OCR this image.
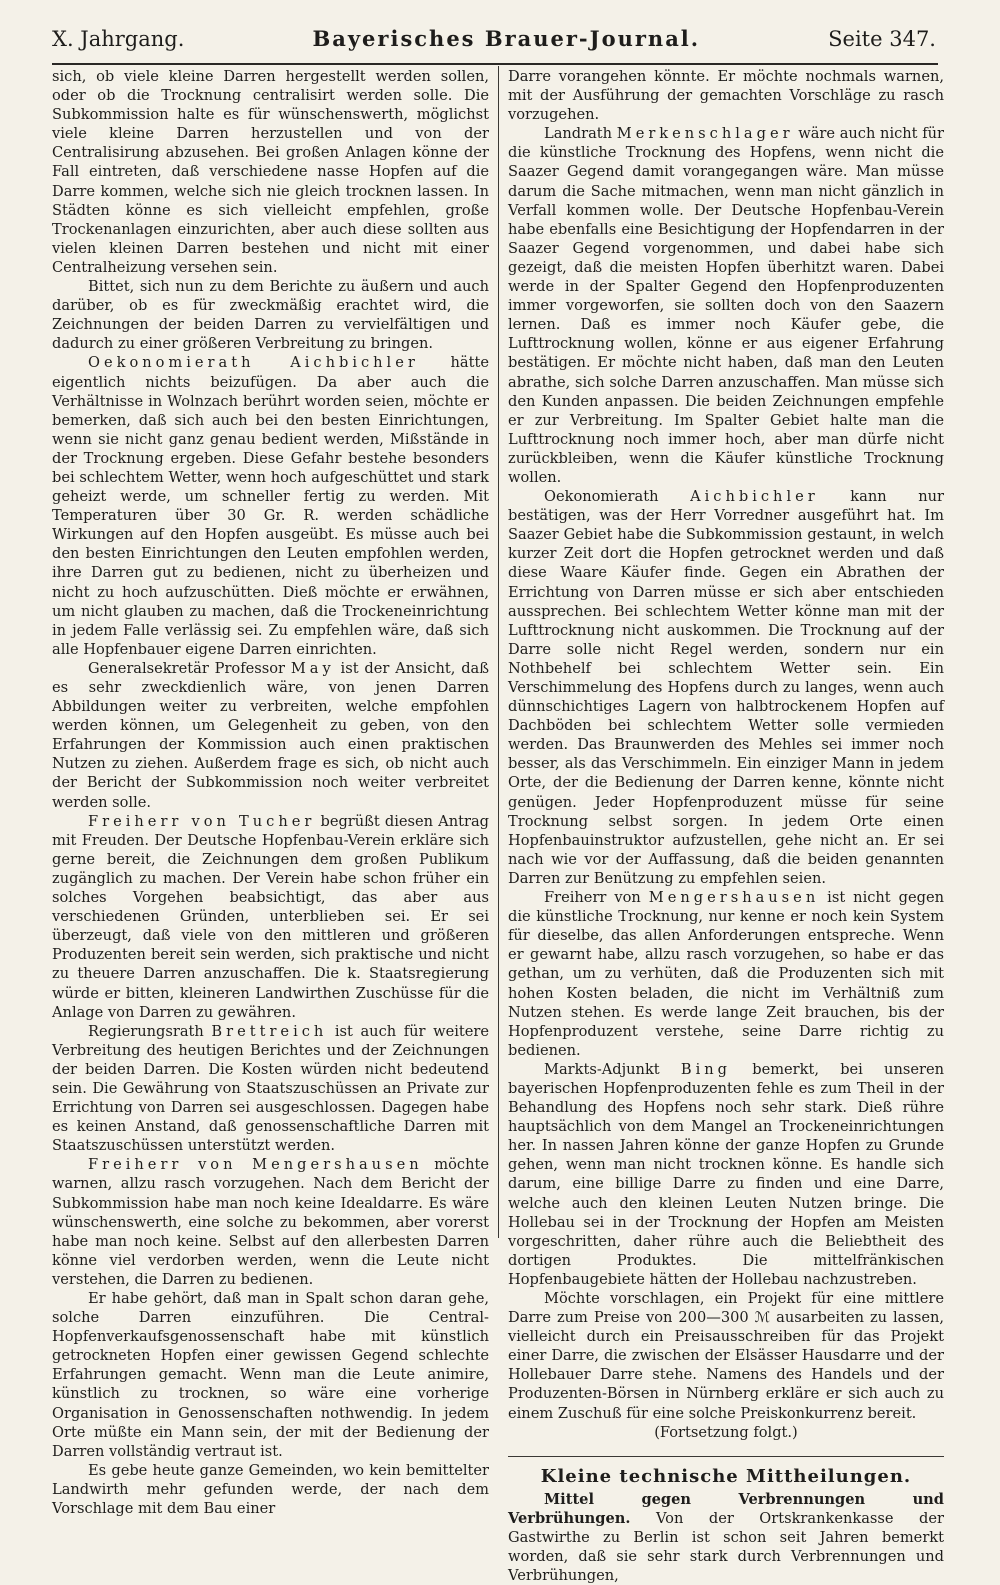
X. Jahrgang.	Bayerisches Brauer-Journal.	Seite 347.

sich, ob viele kleine Darren hergestellt werden sollen, oder ob die Trocknung centralisirt werden solle. Die Subkommission halte es für wünschenswerth, möglichst viele kleine Darren herzustellen und von der Centralisirung abzusehen. Bei großen Anlagen könne der Fall eintreten, daß verschiedene nasse Hopfen auf die Darre kommen, welche sich nie gleich trocknen lassen. In Städten könne es sich vielleicht empfehlen, große Trockenanlagen einzurichten, aber auch diese sollten aus vielen kleinen Darren bestehen und nicht mit einer Centralheizung versehen sein.

Bittet, sich nun zu dem Berichte zu äußern und auch darüber, ob es für zweckmäßig erachtet wird, die Zeichnungen der beiden Darren zu vervielfältigen und dadurch zu einer größeren Verbreitung zu bringen.

Oekonomierath Aichbichler hätte eigentlich nichts beizufügen. Da aber auch die Verhältnisse in Wolnzach berührt worden seien, möchte er bemerken, daß sich auch bei den besten Einrichtungen, wenn sie nicht ganz genau bedient werden, Mißstände in der Trocknung ergeben. Diese Gefahr bestehe besonders bei schlechtem Wetter, wenn hoch aufgeschüttet und stark geheizt werde, um schneller fertig zu werden. Mit Temperaturen über 30 Gr. R. werden schädliche Wirkungen auf den Hopfen ausgeübt. Es müsse auch bei den besten Einrichtungen den Leuten empfohlen werden, ihre Darren gut zu bedienen, nicht zu überheizen und nicht zu hoch aufzuschütten. Dieß möchte er erwähnen, um nicht glauben zu machen, daß die Trockeneinrichtung in jedem Falle verlässig sei. Zu empfehlen wäre, daß sich alle Hopfenbauer eigene Darren einrichten.

Generalsekretär Professor May ist der Ansicht, daß es sehr zweckdienlich wäre, von jenen Darren Abbildungen weiter zu verbreiten, welche empfohlen werden können, um Gelegenheit zu geben, von den Erfahrungen der Kommission auch einen praktischen Nutzen zu ziehen. Außerdem frage es sich, ob nicht auch der Bericht der Subkommission noch weiter verbreitet werden solle.

Freiherr von Tucher begrüßt diesen Antrag mit Freuden. Der Deutsche Hopfenbau-Verein erkläre sich gerne bereit, die Zeichnungen dem großen Publikum zugänglich zu machen. Der Verein habe schon früher ein solches Vorgehen beabsichtigt, das aber aus verschiedenen Gründen, unterblieben sei. Er sei überzeugt, daß viele von den mittleren und größeren Produzenten bereit sein werden, sich praktische und nicht zu theuere Darren anzuschaffen. Die k. Staatsregierung würde er bitten, kleineren Landwirthen Zuschüsse für die Anlage von Darren zu gewähren.

Regierungsrath Brettreich ist auch für weitere Verbreitung des heutigen Berichtes und der Zeichnungen der beiden Darren. Die Kosten würden nicht bedeutend sein. Die Gewährung von Staatszuschüssen an Private zur Errichtung von Darren sei ausgeschlossen. Dagegen habe es keinen Anstand, daß genossenschaftliche Darren mit Staatszuschüssen unterstützt werden.

Freiherr von Mengershausen möchte warnen, allzu rasch vorzugehen. Nach dem Bericht der Subkommission habe man noch keine Idealdarre. Es wäre wünschenswerth, eine solche zu bekommen, aber vorerst habe man noch keine. Selbst auf den allerbesten Darren könne viel verdorben werden, wenn die Leute nicht verstehen, die Darren zu bedienen.

Er habe gehört, daß man in Spalt schon daran gehe, solche Darren einzuführen. Die Central-Hopfenverkaufsgenossenschaft habe mit künstlich getrockneten Hopfen einer gewissen Gegend schlechte Erfahrungen gemacht. Wenn man die Leute animire, künstlich zu trocknen, so wäre eine vorherige Organisation in Genossenschaften nothwendig. In jedem Orte müßte ein Mann sein, der mit der Bedienung der Darren vollständig vertraut ist.

Es gebe heute ganze Gemeinden, wo kein bemittelter Landwirth mehr gefunden werde, der nach dem Vorschlage mit dem Bau einer

Darre vorangehen könnte. Er möchte nochmals warnen, mit der Ausführung der gemachten Vorschläge zu rasch vorzugehen.

Landrath Merkenschlager wäre auch nicht für die künstliche Trocknung des Hopfens, wenn nicht die Saazer Gegend damit vorangegangen wäre. Man müsse darum die Sache mitmachen, wenn man nicht gänzlich in Verfall kommen wolle. Der Deutsche Hopfenbau-Verein habe ebenfalls eine Besichtigung der Hopfendarren in der Saazer Gegend vorgenommen, und dabei habe sich gezeigt, daß die meisten Hopfen überhitzt waren. Dabei werde in der Spalter Gegend den Hopfenproduzenten immer vorgeworfen, sie sollten doch von den Saazern lernen. Daß es immer noch Käufer gebe, die Lufttrocknung wollen, könne er aus eigener Erfahrung bestätigen. Er möchte nicht haben, daß man den Leuten abrathe, sich solche Darren anzuschaffen. Man müsse sich den Kunden anpassen. Die beiden Zeichnungen empfehle er zur Verbreitung. Im Spalter Gebiet halte man die Lufttrocknung noch immer hoch, aber man dürfe nicht zurückbleiben, wenn die Käufer künstliche Trocknung wollen.

Oekonomierath Aichbichler kann nur bestätigen, was der Herr Vorredner ausgeführt hat. Im Saazer Gebiet habe die Subkommission gestaunt, in welch kurzer Zeit dort die Hopfen getrocknet werden und daß diese Waare Käufer finde. Gegen ein Abrathen der Errichtung von Darren müsse er sich aber entschieden aussprechen. Bei schlechtem Wetter könne man mit der Lufttrocknung nicht auskommen. Die Trocknung auf der Darre solle nicht Regel werden, sondern nur ein Nothbehelf bei schlechtem Wetter sein. Ein Verschimmelung des Hopfens durch zu langes, wenn auch dünnschichtiges Lagern von halbtrockenem Hopfen auf Dachböden bei schlechtem Wetter solle vermieden werden. Das Braunwerden des Mehles sei immer noch besser, als das Verschimmeln. Ein einziger Mann in jedem Orte, der die Bedienung der Darren kenne, könnte nicht genügen. Jeder Hopfenproduzent müsse für seine Trocknung selbst sorgen. In jedem Orte einen Hopfenbauinstruktor aufzustellen, gehe nicht an. Er sei nach wie vor der Auffassung, daß die beiden genannten Darren zur Benützung zu empfehlen seien.

Freiherr von Mengershausen ist nicht gegen die künstliche Trocknung, nur kenne er noch kein System für dieselbe, das allen Anforderungen entspreche. Wenn er gewarnt habe, allzu rasch vorzugehen, so habe er das gethan, um zu verhüten, daß die Produzenten sich mit hohen Kosten beladen, die nicht im Verhältniß zum Nutzen stehen. Es werde lange Zeit brauchen, bis der Hopfenproduzent verstehe, seine Darre richtig zu bedienen.

Markts-Adjunkt Bing bemerkt, bei unseren bayerischen Hopfenproduzenten fehle es zum Theil in der Behandlung des Hopfens noch sehr stark. Dieß rühre hauptsächlich von dem Mangel an Trockeneinrichtungen her. In nassen Jahren könne der ganze Hopfen zu Grunde gehen, wenn man nicht trocknen könne. Es handle sich darum, eine billige Darre zu finden und eine Darre, welche auch den kleinen Leuten Nutzen bringe. Die Hollebau sei in der Trocknung der Hopfen am Meisten vorgeschritten, daher rühre auch die Beliebtheit des dortigen Produktes. Die mittelfränkischen Hopfenbaugebiete hätten der Hollebau nachzustreben.

Möchte vorschlagen, ein Projekt für eine mittlere Darre zum Preise von 200—300 ℳ ausarbeiten zu lassen, vielleicht durch ein Preisausschreiben für das Projekt einer Darre, die zwischen der Elsässer Hausdarre und der Hollebauer Darre stehe. Namens des Handels und der Produzenten-Börsen in Nürnberg erkläre er sich auch zu einem Zuschuß für eine solche Preiskonkurrenz bereit.

(Fortsetzung folgt.)

Kleine technische Mittheilungen.

Mittel gegen Verbrennungen und Verbrühungen. Von der Ortskrankenkasse der Gastwirthe zu Berlin ist schon seit Jahren bemerkt worden, daß sie sehr stark durch Verbrennungen und Verbrühungen,
